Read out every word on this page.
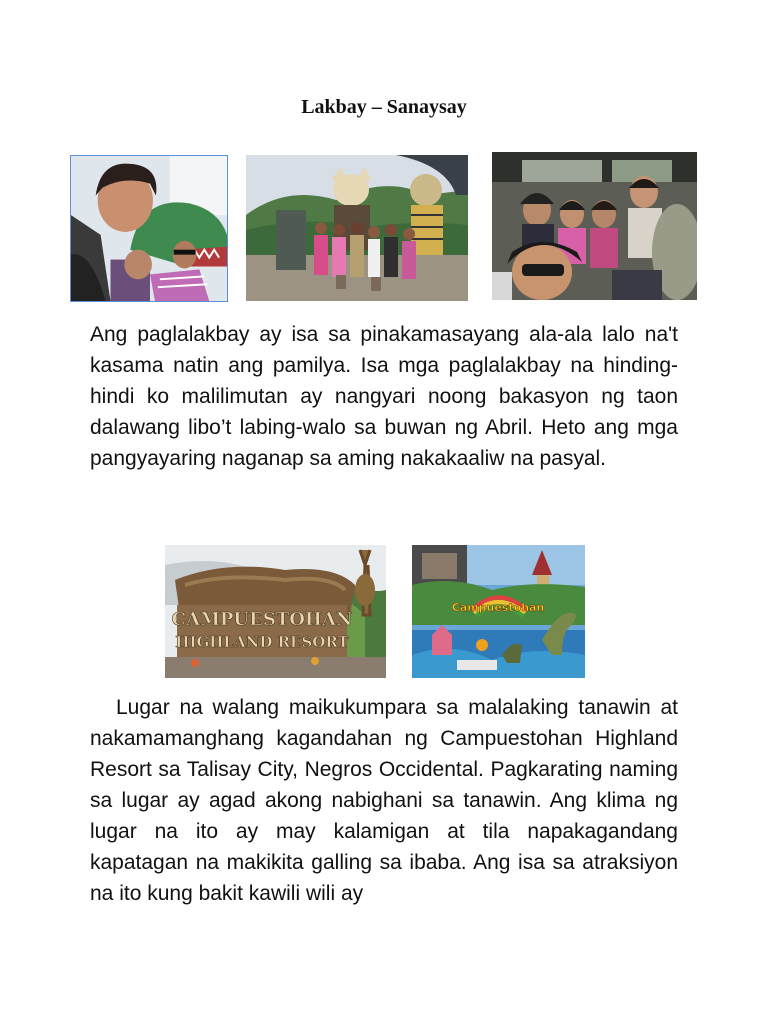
Lakbay – Sanaysay
Ang paglalakbay ay isa sa pinakamasayang ala-ala lalo na't kasama natin ang pamilya. Isa mga paglalakbay na hinding-hindi ko malilimutan ay nangyari noong bakasyon ng taon dalawang libo’t labing-walo sa buwan ng Abril. Heto ang mga pangyayaring naganap sa aming nakakaaliw na pasyal.
CAMPUESTOHAN
HIGHLAND RESORT
Campuestohan
Lugar na walang maikukumpara sa malalaking tanawin at nakamamanghang kagandahan ng Campuestohan Highland Resort sa Talisay City, Negros Occidental. Pagkarating naming sa lugar ay agad akong nabighani sa tanawin. Ang klima ng lugar na ito ay may kalamigan at tila napakagandang kapatagan na makikita galling sa ibaba. Ang isa sa atraksiyon na ito kung bakit kawili wili ay
